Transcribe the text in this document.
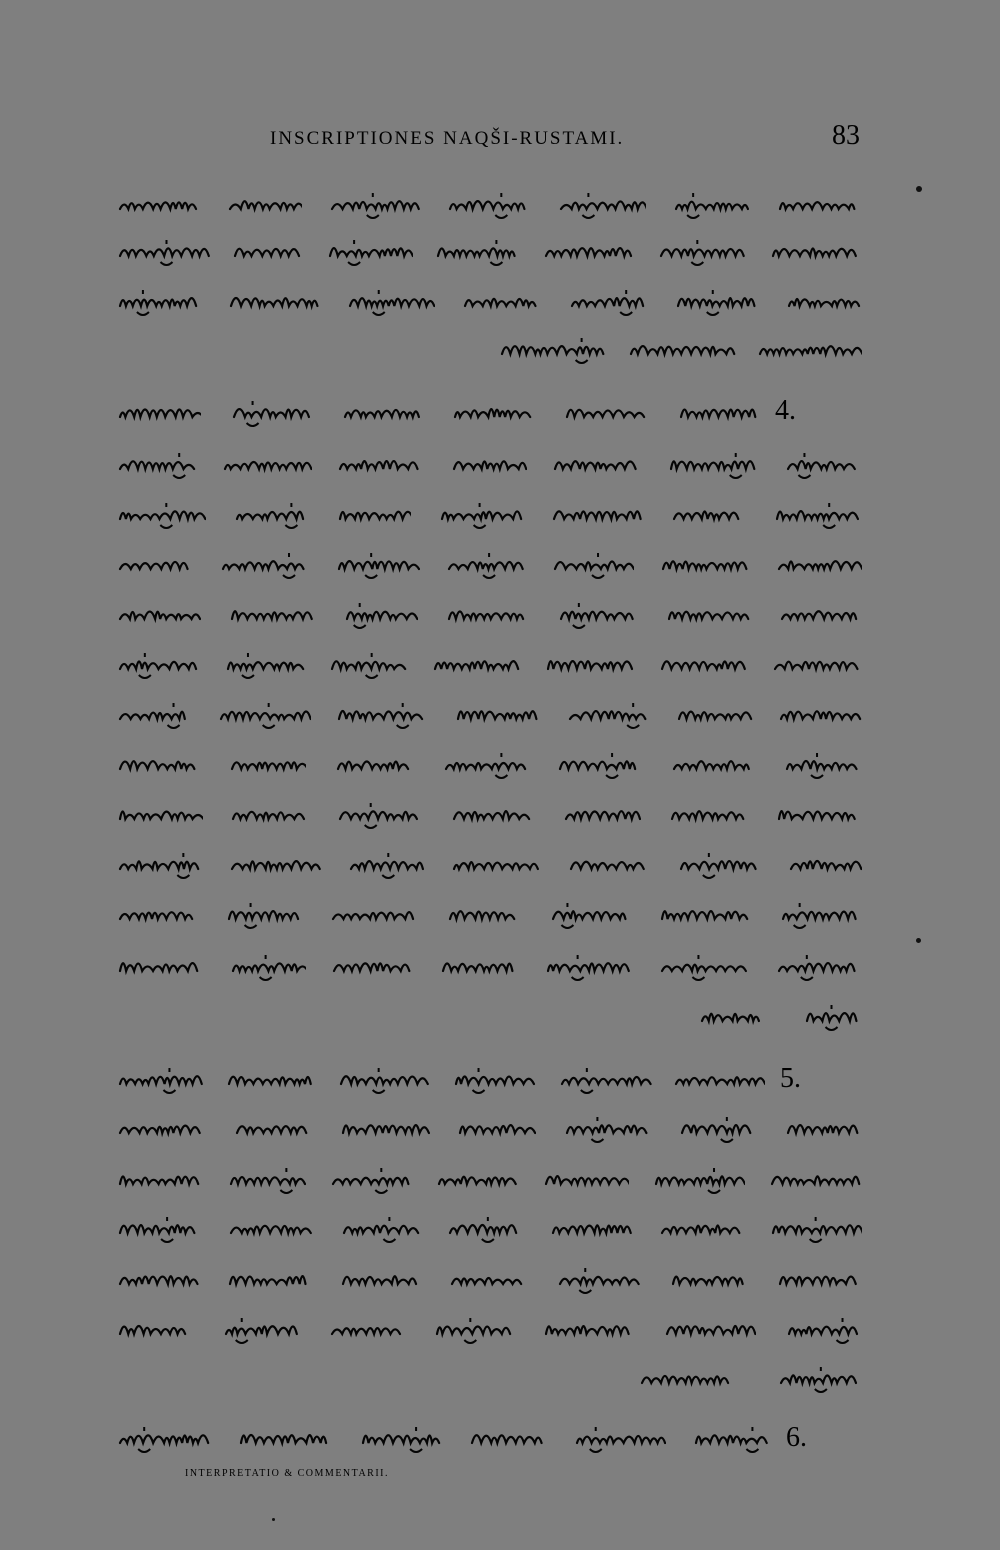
INSCRIPTIONES NAQŠI-RUSTAMI.	83
4.
5.
6.
INTERPRETATIO & COMMENTARII.
